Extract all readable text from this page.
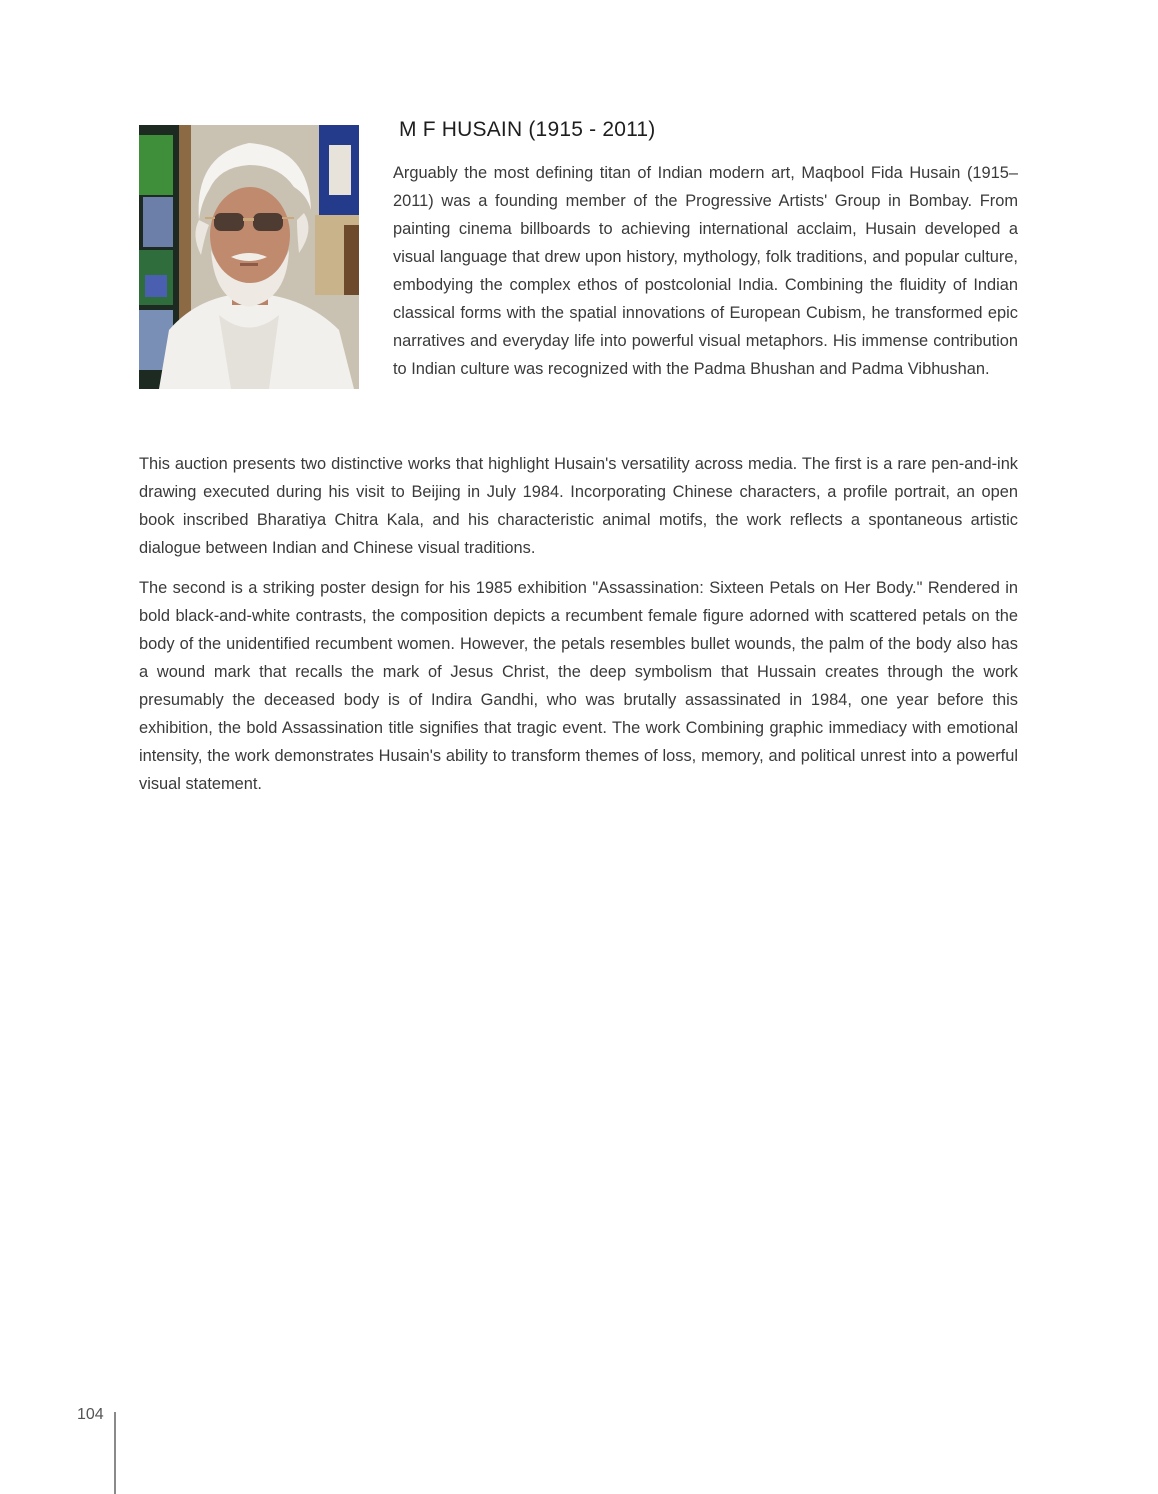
M F HUSAIN (1915 - 2011)

Arguably the most defining titan of Indian modern art, Maqbool Fida Husain (1915–2011) was a founding member of the Progressive Artists' Group in Bombay. From painting cinema billboards to achieving international acclaim, Husain developed a visual language that drew upon history, mythology, folk traditions, and popular culture, embodying the complex ethos of postcolonial India. Combining the fluidity of Indian classical forms with the spatial innovations of European Cubism, he transformed epic narratives and everyday life into powerful visual metaphors. His immense contribution to Indian culture was recognized with the Padma Bhushan and Padma Vibhushan.

This auction presents two distinctive works that highlight Husain's versatility across media. The first is a rare pen-and-ink drawing executed during his visit to Beijing in July 1984. Incorporating Chinese characters, a profile portrait, an open book inscribed Bharatiya Chitra Kala, and his characteristic animal motifs, the work reflects a spontaneous artistic dialogue between Indian and Chinese visual traditions.

The second is a striking poster design for his 1985 exhibition "Assassination: Sixteen Petals on Her Body." Rendered in bold black-and-white contrasts, the composition depicts a recumbent female figure adorned with scattered petals on the body of the unidentified recumbent women. However, the petals resembles bullet wounds, the palm of the body also has a wound mark that recalls the mark of Jesus Christ, the deep symbolism that Hussain creates through the work presumably the deceased body is of Indira Gandhi, who was brutally assassinated in 1984, one year before this exhibition, the bold Assassination title signifies that tragic event. The work Combining graphic immediacy with emotional intensity, the work demonstrates Husain's ability to transform themes of loss, memory, and political unrest into a powerful visual statement.

104
